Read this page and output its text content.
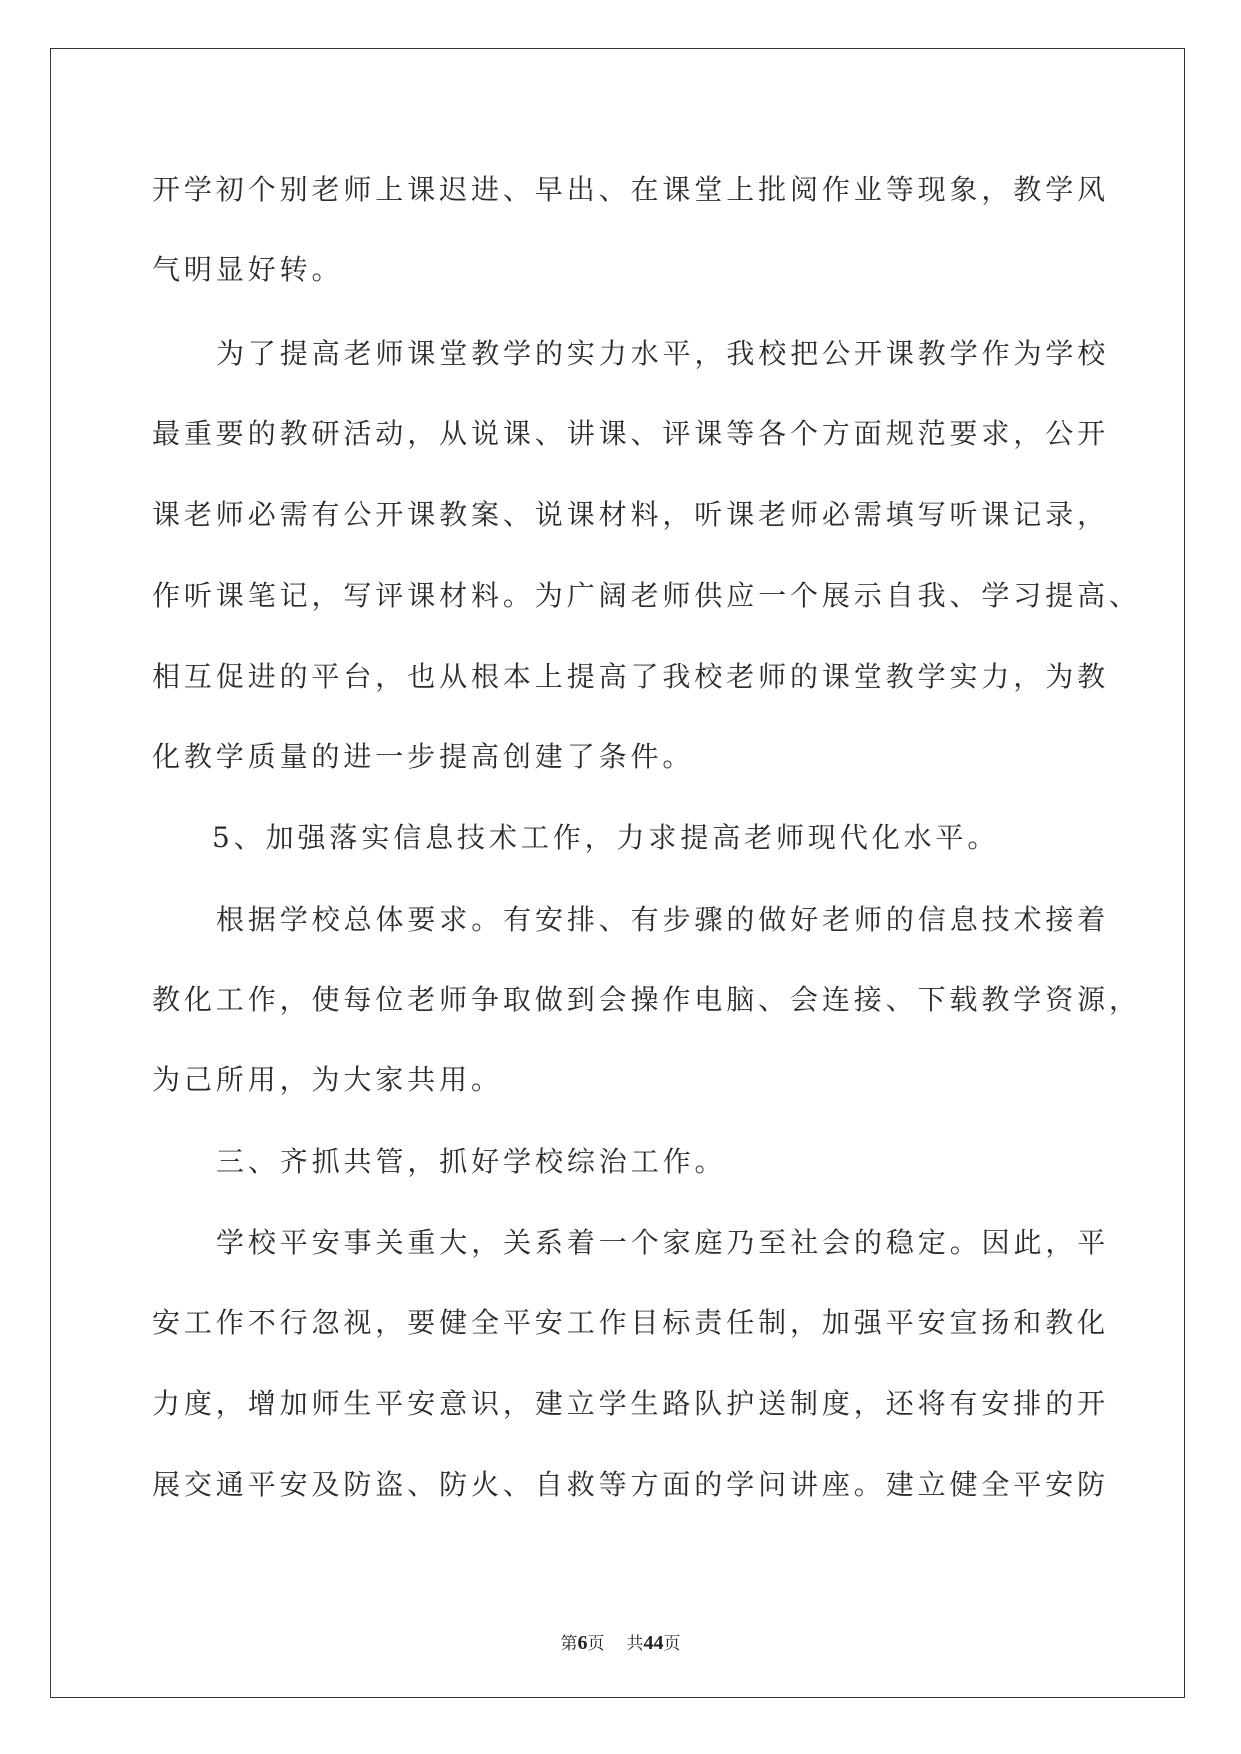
开学初个别老师上课迟进、早出、在课堂上批阅作业等现象，教学风
气明显好转。
为了提高老师课堂教学的实力水平，我校把公开课教学作为学校
最重要的教研活动，从说课、讲课、评课等各个方面规范要求，公开
课老师必需有公开课教案、说课材料，听课老师必需填写听课记录，
作听课笔记，写评课材料。为广阔老师供应一个展示自我、学习提高、
相互促进的平台，也从根本上提高了我校老师的课堂教学实力，为教
化教学质量的进一步提高创建了条件。
5、加强落实信息技术工作，力求提高老师现代化水平。
根据学校总体要求。有安排、有步骤的做好老师的信息技术接着
教化工作，使每位老师争取做到会操作电脑、会连接、下载教学资源，
为己所用，为大家共用。
三、齐抓共管，抓好学校综治工作。
学校平安事关重大，关系着一个家庭乃至社会的稳定。因此，平
安工作不行忽视，要健全平安工作目标责任制，加强平安宣扬和教化
力度，增加师生平安意识，建立学生路队护送制度，还将有安排的开
展交通平安及防盗、防火、自救等方面的学问讲座。建立健全平安防
第6页 共44页
